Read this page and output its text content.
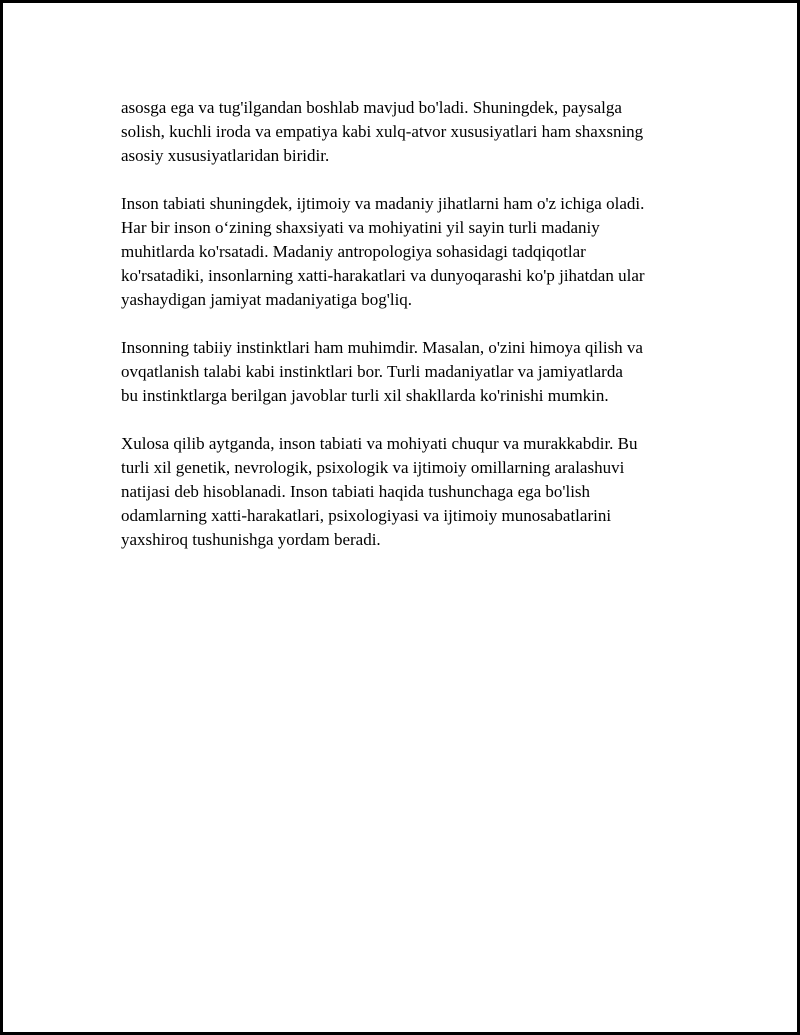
asosga ega va tug'ilgandan boshlab mavjud bo'ladi. Shuningdek, paysalga
solish, kuchli iroda va empatiya kabi xulq-atvor xususiyatlari ham shaxsning
asosiy xususiyatlaridan biridir.

Inson tabiati shuningdek, ijtimoiy va madaniy jihatlarni ham o'z ichiga oladi.
Har bir inson o‘zining shaxsiyati va mohiyatini yil sayin turli madaniy
muhitlarda ko'rsatadi. Madaniy antropologiya sohasidagi tadqiqotlar
ko'rsatadiki, insonlarning xatti-harakatlari va dunyoqarashi ko'p jihatdan ular
yashaydigan jamiyat madaniyatiga bog'liq.

Insonning tabiiy instinktlari ham muhimdir. Masalan, o'zini himoya qilish va
ovqatlanish talabi kabi instinktlari bor. Turli madaniyatlar va jamiyatlarda
bu instinktlarga berilgan javoblar turli xil shakllarda ko'rinishi mumkin.

Xulosa qilib aytganda, inson tabiati va mohiyati chuqur va murakkabdir. Bu
turli xil genetik, nevrologik, psixologik va ijtimoiy omillarning aralashuvi
natijasi deb hisoblanadi. Inson tabiati haqida tushunchaga ega bo'lish
odamlarning xatti-harakatlari, psixologiyasi va ijtimoiy munosabatlarini
yaxshiroq tushunishga yordam beradi.
